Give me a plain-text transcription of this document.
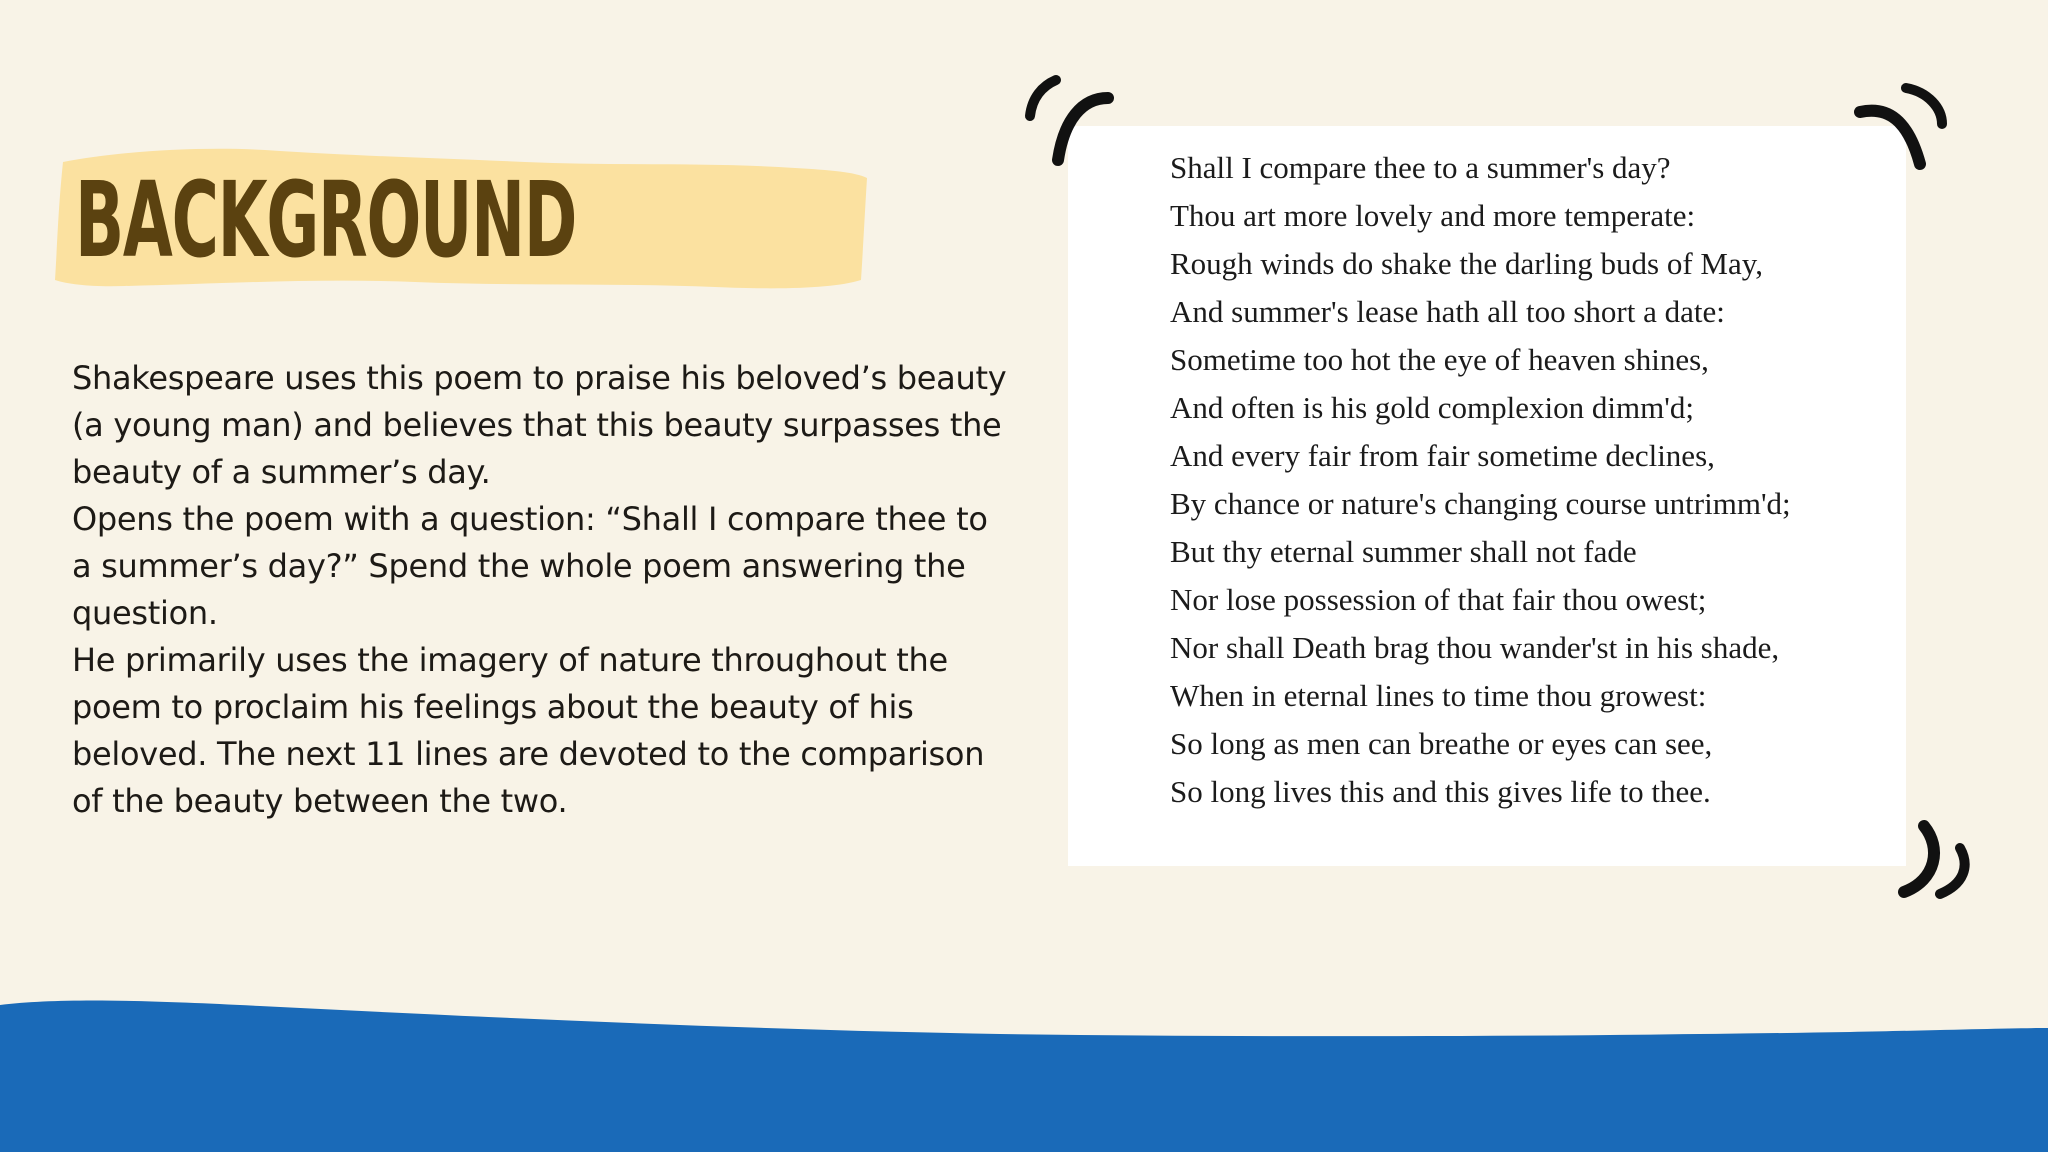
BACKGROUND

Shakespeare uses this poem to praise his beloved’s beauty (a young man) and believes that this beauty surpasses the beauty of a summer’s day.

Opens the poem with a question: “Shall I compare thee to a summer’s day?” Spend the whole poem answering the question.

He primarily uses the imagery of nature throughout the poem to proclaim his feelings about the beauty of his beloved. The next 11 lines are devoted to the comparison of the beauty between the two.

Shall I compare thee to a summer's day?
Thou art more lovely and more temperate:
Rough winds do shake the darling buds of May,
And summer's lease hath all too short a date:
Sometime too hot the eye of heaven shines,
And often is his gold complexion dimm'd;
And every fair from fair sometime declines,
By chance or nature's changing course untrimm'd;
But thy eternal summer shall not fade
Nor lose possession of that fair thou owest;
Nor shall Death brag thou wander'st in his shade,
When in eternal lines to time thou growest:
So long as men can breathe or eyes can see,
So long lives this and this gives life to thee.
